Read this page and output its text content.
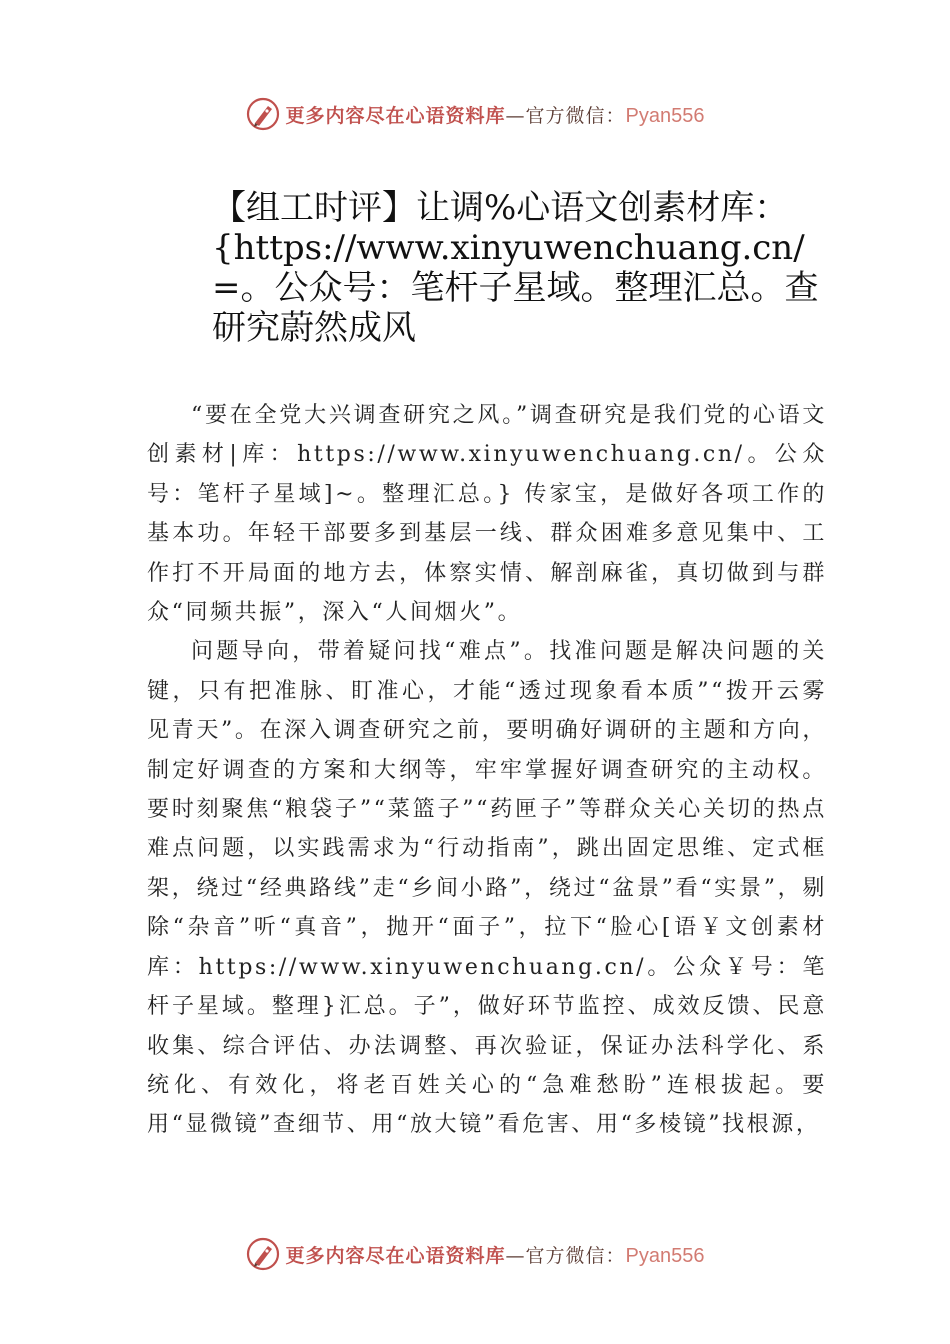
更多内容尽在心语资料库—官方微信：Pyan556
【组工时评】让调%心语文创素材库：{https://www.xinyuwenchuang.cn/=。公众号：笔杆子星域。整理汇总。查研究蔚然成风

“要在全党大兴调查研究之风。”调查研究是我们党的心语文创素材|库：https://www.xinyuwenchuang.cn/。公众号：笔杆子星域]~。整理汇总。} 传家宝，是做好各项工作的基本功。年轻干部要多到基层一线、群众困难多意见集中、工作打不开局面的地方去，体察实情、解剖麻雀，真切做到与群众“同频共振”，深入“人间烟火”。

问题导向，带着疑问找“难点”。找准问题是解决问题的关键，只有把准脉、盯准心，才能“透过现象看本质”“拨开云雾见青天”。在深入调查研究之前，要明确好调研的主题和方向，制定好调查的方案和大纲等，牢牢掌握好调查研究的主动权。要时刻聚焦“粮袋子”“菜篮子”“药匣子”等群众关心关切的热点难点问题，以实践需求为“行动指南”，跳出固定思维、定式框架，绕过“经典路线”走“乡间小路”，绕过“盆景”看“实景”，剔除“杂音”听“真音”，抛开“面子”，拉下“脸心[语￥文创素材库：https://www.xinyuwenchuang.cn/。公众￥号：笔杆子星域。整理}汇总。子”，做好环节监控、成效反馈、民意收集、综合评估、办法调整、再次验证，保证办法科学化、系统化、有效化，将老百姓关心的“急难愁盼”连根拔起。要用“显微镜”查细节、用“放大镜”看危害、用“多棱镜”找根源，

更多内容尽在心语资料库—官方微信：Pyan556
